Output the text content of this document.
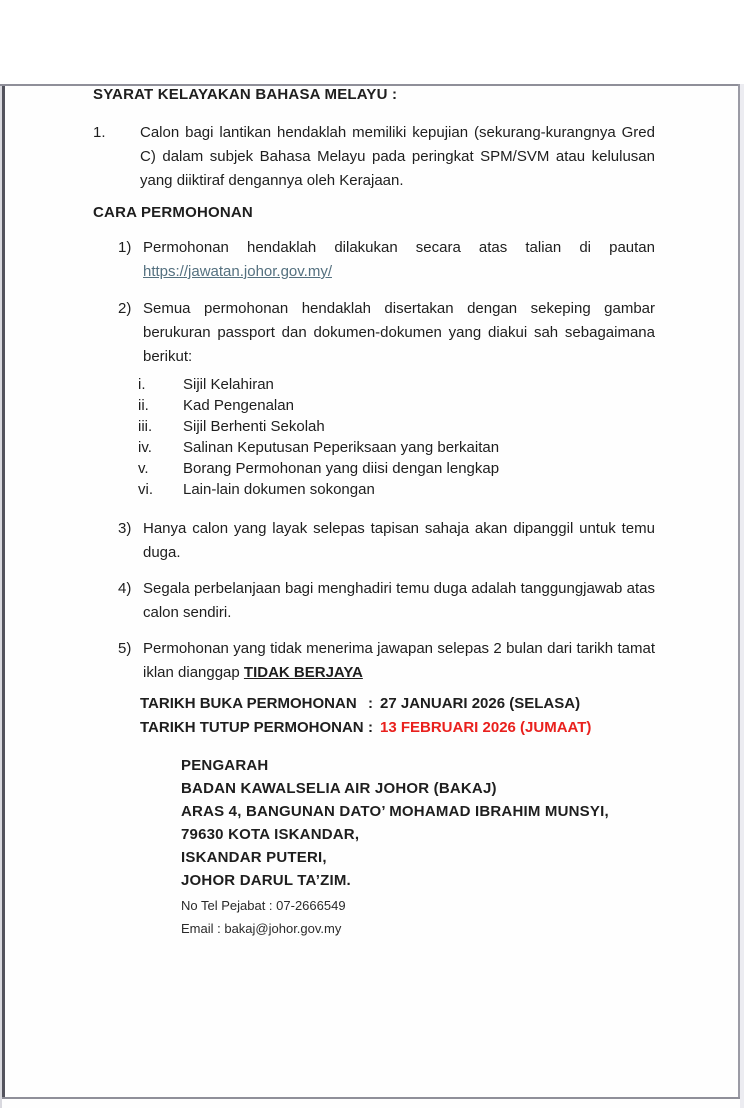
SYARAT KELAYAKAN BAHASA MELAYU :
1.	Calon bagi lantikan hendaklah memiliki kepujian (sekurang-kurangnya Gred C) dalam subjek Bahasa Melayu pada peringkat SPM/SVM atau kelulusan yang diiktiraf dengannya oleh Kerajaan.

CARA PERMOHONAN
1) Permohonan hendaklah dilakukan secara atas talian di pautan
https://jawatan.johor.gov.my/
2) Semua permohonan hendaklah disertakan dengan sekeping gambar berukuran passport dan dokumen-dokumen yang diakui sah sebagaimana berikut:

i.	Sijil Kelahiran
ii.	Kad Pengenalan
iii.	Sijil Berhenti Sekolah
iv.	Salinan Keputusan Peperiksaan yang berkaitan
v.	Borang Permohonan yang diisi dengan lengkap
vi.	Lain-lain dokumen sokongan
3) Hanya calon yang layak selepas tapisan sahaja akan dipanggil untuk temu duga.

4) Segala perbelanjaan bagi menghadiri temu duga adalah tanggungjawab atas calon sendiri.

5) Permohonan yang tidak menerima jawapan selepas 2 bulan dari tarikh tamat iklan dianggap TIDAK BERJAYA

TARIKH BUKA PERMOHONAN : 27 JANUARI 2026 (SELASA)
TARIKH TUTUP PERMOHONAN : 13 FEBRUARI 2026 (JUMAAT)
PENGARAH
BADAN KAWALSELIA AIR JOHOR (BAKAJ)
ARAS 4, BANGUNAN DATO’ MOHAMAD IBRAHIM MUNSYI,
79630 KOTA ISKANDAR,
ISKANDAR PUTERI,
JOHOR DARUL TA’ZIM.
No Tel Pejabat : 07-2666549
Email : bakaj@johor.gov.my
